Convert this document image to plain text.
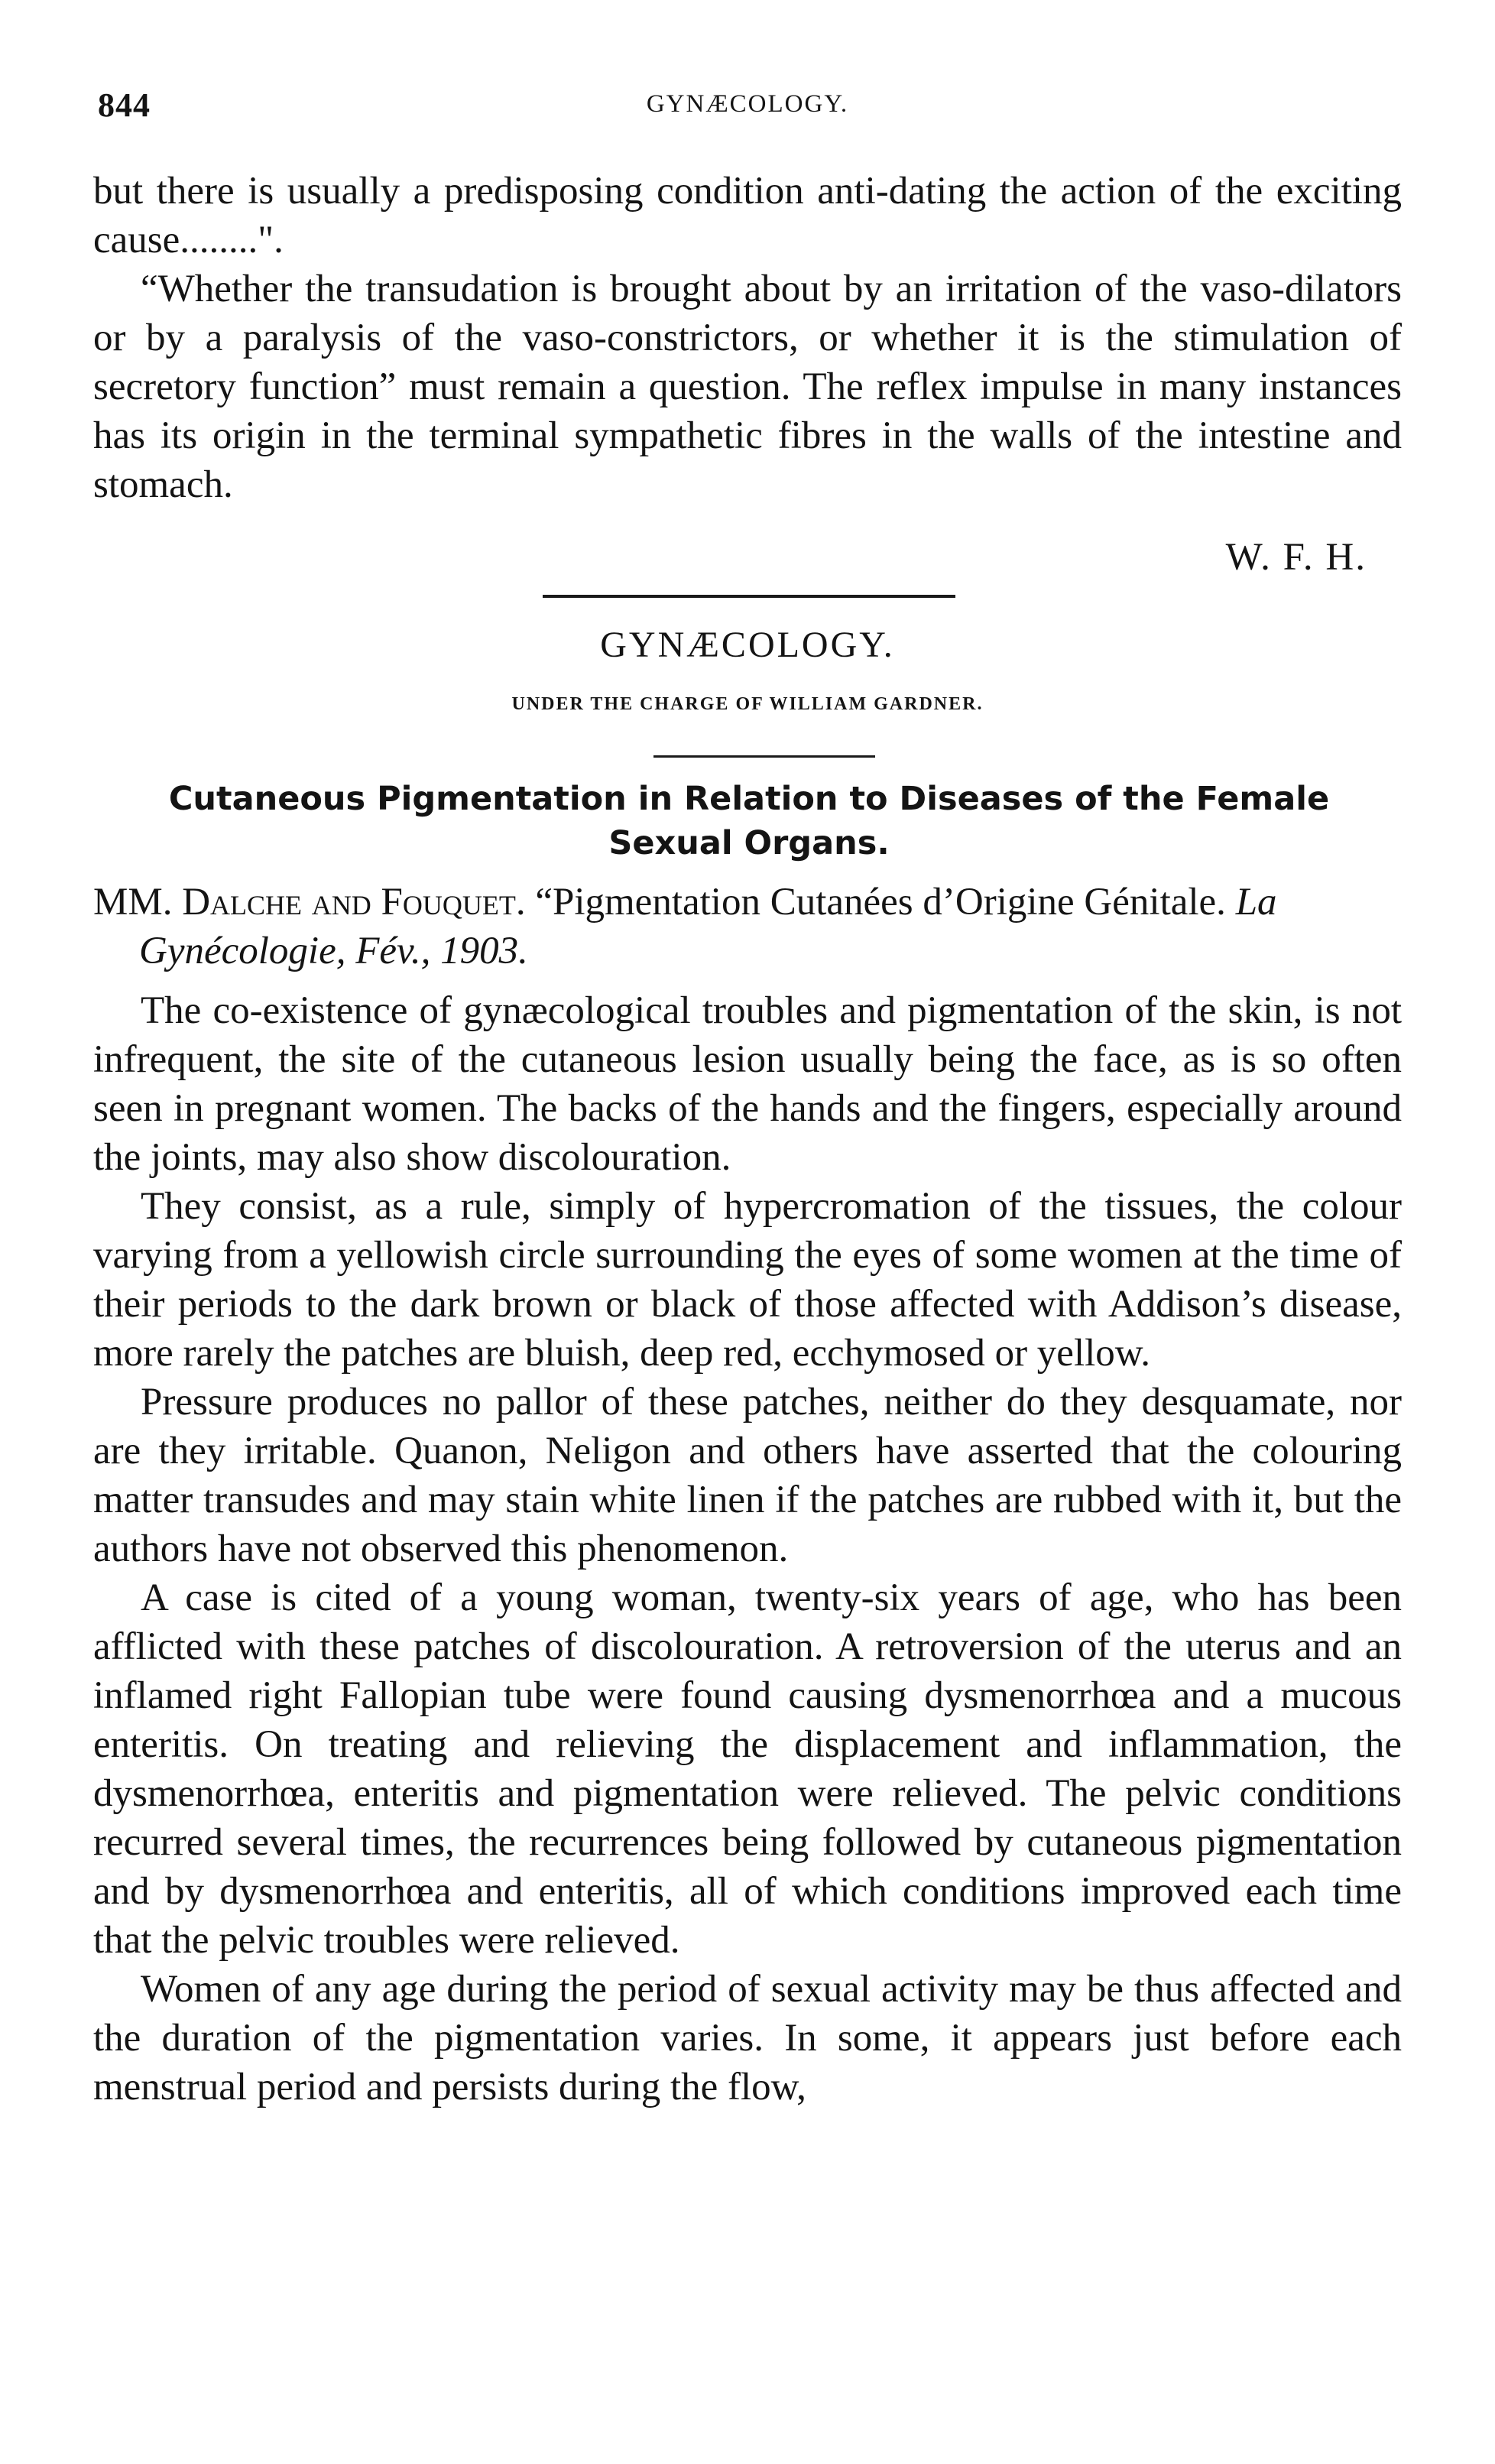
844	GYNÆCOLOGY.

but there is usually a predisposing condition anti-dating the action of the exciting cause........".

“Whether the transudation is brought about by an irritation of the vaso-dilators or by a paralysis of the vaso-constrictors, or whether it is the stimulation of secretory function” must remain a question. The reflex impulse in many instances has its origin in the terminal sympathetic fibres in the walls of the intestine and stomach.

W. F. H.
GYNÆCOLOGY.
UNDER THE CHARGE OF WILLIAM GARDNER.
Cutaneous Pigmentation in Relation to Diseases of the Female Sexual Organs.
MM. Dalche and Fouquet. “Pigmentation Cutanées d’Origine Génitale. La Gynécologie, Fév., 1903.

The co-existence of gynæcological troubles and pigmentation of the skin, is not infrequent, the site of the cutaneous lesion usually being the face, as is so often seen in pregnant women. The backs of the hands and the fingers, especially around the joints, may also show discolouration.

They consist, as a rule, simply of hypercromation of the tissues, the colour varying from a yellowish circle surrounding the eyes of some women at the time of their periods to the dark brown or black of those affected with Addison’s disease, more rarely the patches are bluish, deep red, ecchymosed or yellow.

Pressure produces no pallor of these patches, neither do they desquamate, nor are they irritable. Quanon, Neligon and others have asserted that the colouring matter transudes and may stain white linen if the patches are rubbed with it, but the authors have not observed this phenomenon.

A case is cited of a young woman, twenty-six years of age, who has been afflicted with these patches of discolouration. A retroversion of the uterus and an inflamed right Fallopian tube were found causing dysmenorrhœa and a mucous enteritis. On treating and relieving the displacement and inflammation, the dysmenorrhœa, enteritis and pigmentation were relieved. The pelvic conditions recurred several times, the recurrences being followed by cutaneous pigmentation and by dysmenorrhœa and enteritis, all of which conditions improved each time that the pelvic troubles were relieved.

Women of any age during the period of sexual activity may be thus affected and the duration of the pigmentation varies. In some, it appears just before each menstrual period and persists during the flow,
